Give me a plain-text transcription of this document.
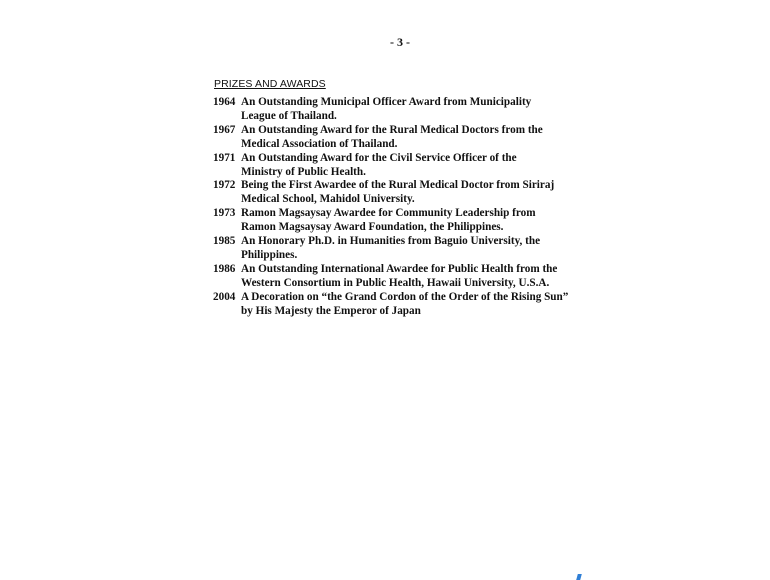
- 3 -
PRIZES AND AWARDS
1964 An Outstanding Municipal Officer Award from Municipality
League of Thailand.
1967 An Outstanding Award for the Rural Medical Doctors from the
Medical Association of Thailand.
1971 An Outstanding Award for the Civil Service Officer of the
Ministry of Public Health.
1972 Being the First Awardee of the Rural Medical Doctor from Siriraj
Medical School, Mahidol University.
1973 Ramon Magsaysay Awardee for Community Leadership from
Ramon Magsaysay Award Foundation, the Philippines.
1985 An Honorary Ph.D. in Humanities from Baguio University, the
Philippines.
1986 An Outstanding International Awardee for Public Health from the
Western Consortium in Public Health, Hawaii University, U.S.A.
2004 A Decoration on “the Grand Cordon of the Order of the Rising Sun”
by His Majesty the Emperor of Japan
